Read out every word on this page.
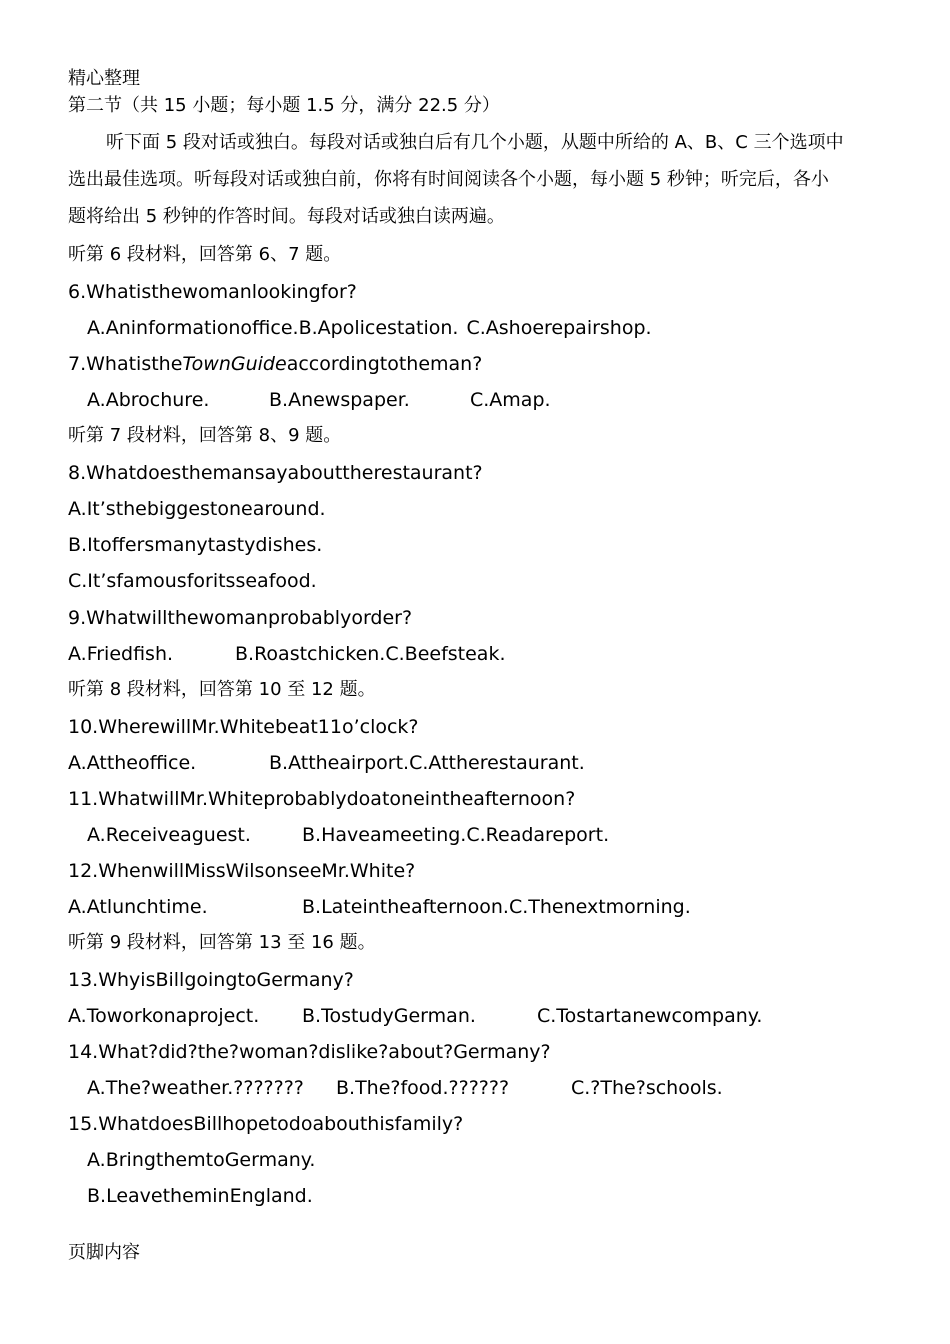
精心整理
第二节（共 15 小题；每小题 1.5 分，满分 22.5 分）
听下面 5 段对话或独白。每段对话或独白后有几个小题，从题中所给的 A、B、C 三个选项中
选出最佳选项。听每段对话或独白前，你将有时间阅读各个小题，每小题 5 秒钟；听完后，各小
题将给出 5 秒钟的作答时间。每段对话或独白读两遍。
听第 6 段材料，回答第 6、7 题。
6.Whatisthewomanlookingfor?
A.Aninformationoffice.B.Apolicestation. C.Ashoerepairshop.
7.WhatistheTownGuideaccordingtotheman?
A.Abrochure.	B.Anewspaper.	C.Amap.
听第 7 段材料，回答第 8、9 题。
8.Whatdoesthemansayabouttherestaurant?
A.It’sthebiggestonearound.
B.Itoffersmanytastydishes.
C.It’sfamousforitsseafood.
9.Whatwillthewomanprobablyorder?
A.Friedfish.	B.Roastchicken.C.Beefsteak.
听第 8 段材料，回答第 10 至 12 题。
10.WherewillMr.Whitebeat11o’clock?
A.Attheoffice.	B.Attheairport.C.Attherestaurant.
11.WhatwillMr.Whiteprobablydoatoneintheafternoon?
A.Receiveaguest.	B.Haveameeting.C.Readareport.
12.WhenwillMissWilsonseeMr.White?
A.Atlunchtime.	B.Lateintheafternoon.C.Thenextmorning.
听第 9 段材料，回答第 13 至 16 题。
13.WhyisBillgoingtoGermany?
A.Toworkonaproject. B.TostudyGerman.	C.Tostartanewcompany.
14.What?did?the?woman?dislike?about?Germany?
A.The?weather.??????? B.The?food.??????	C.?The?schools.
15.WhatdoesBillhopetodoabouthisfamily?
A.BringthemtoGermany.
B.LeavetheminEngland.
页脚内容
